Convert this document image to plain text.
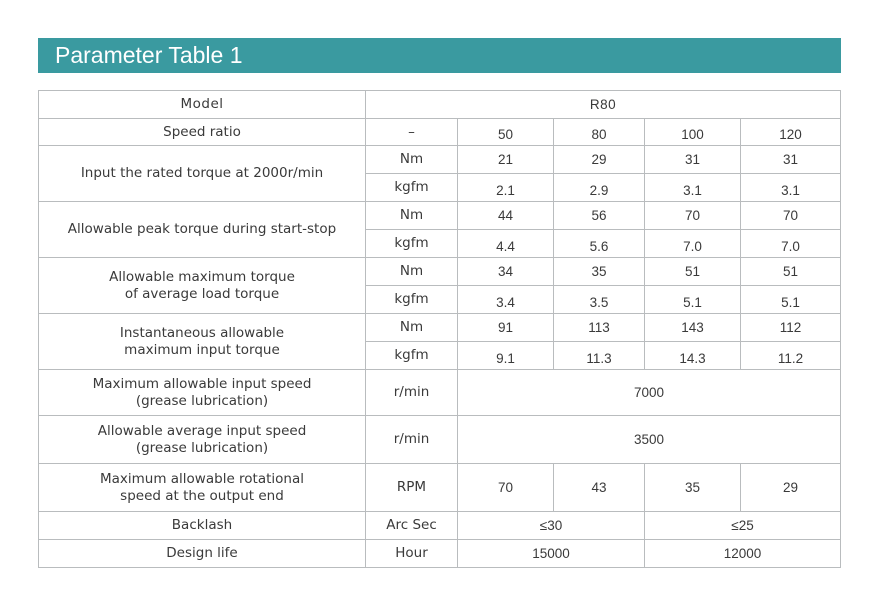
Parameter Table 1
Model	R80				
Speed ratio	–	50	80	100	120
Input the rated torque at 2000r/min	Nm	21	29	31	31
	kgfm	2.1	2.9	3.1	3.1
Allowable peak torque during start-stop	Nm	44	56	70	70
	kgfm	4.4	5.6	7.0	7.0
Allowable maximum torque
of average load torque	Nm	34	35	51	51
	kgfm	3.4	3.5	5.1	5.1
Instantaneous allowable
maximum input torque	Nm	91	113	143	112
	kgfm	9.1	11.3	14.3	11.2
Maximum allowable input speed
(grease lubrication)	r/min	7000			
Allowable average input speed
(grease lubrication)	r/min	3500			
Maximum allowable rotational
speed at the output end	RPM	70	43	35	29
Backlash	Arc Sec	≤30		≤25	
Design life	Hour	15000		12000	
